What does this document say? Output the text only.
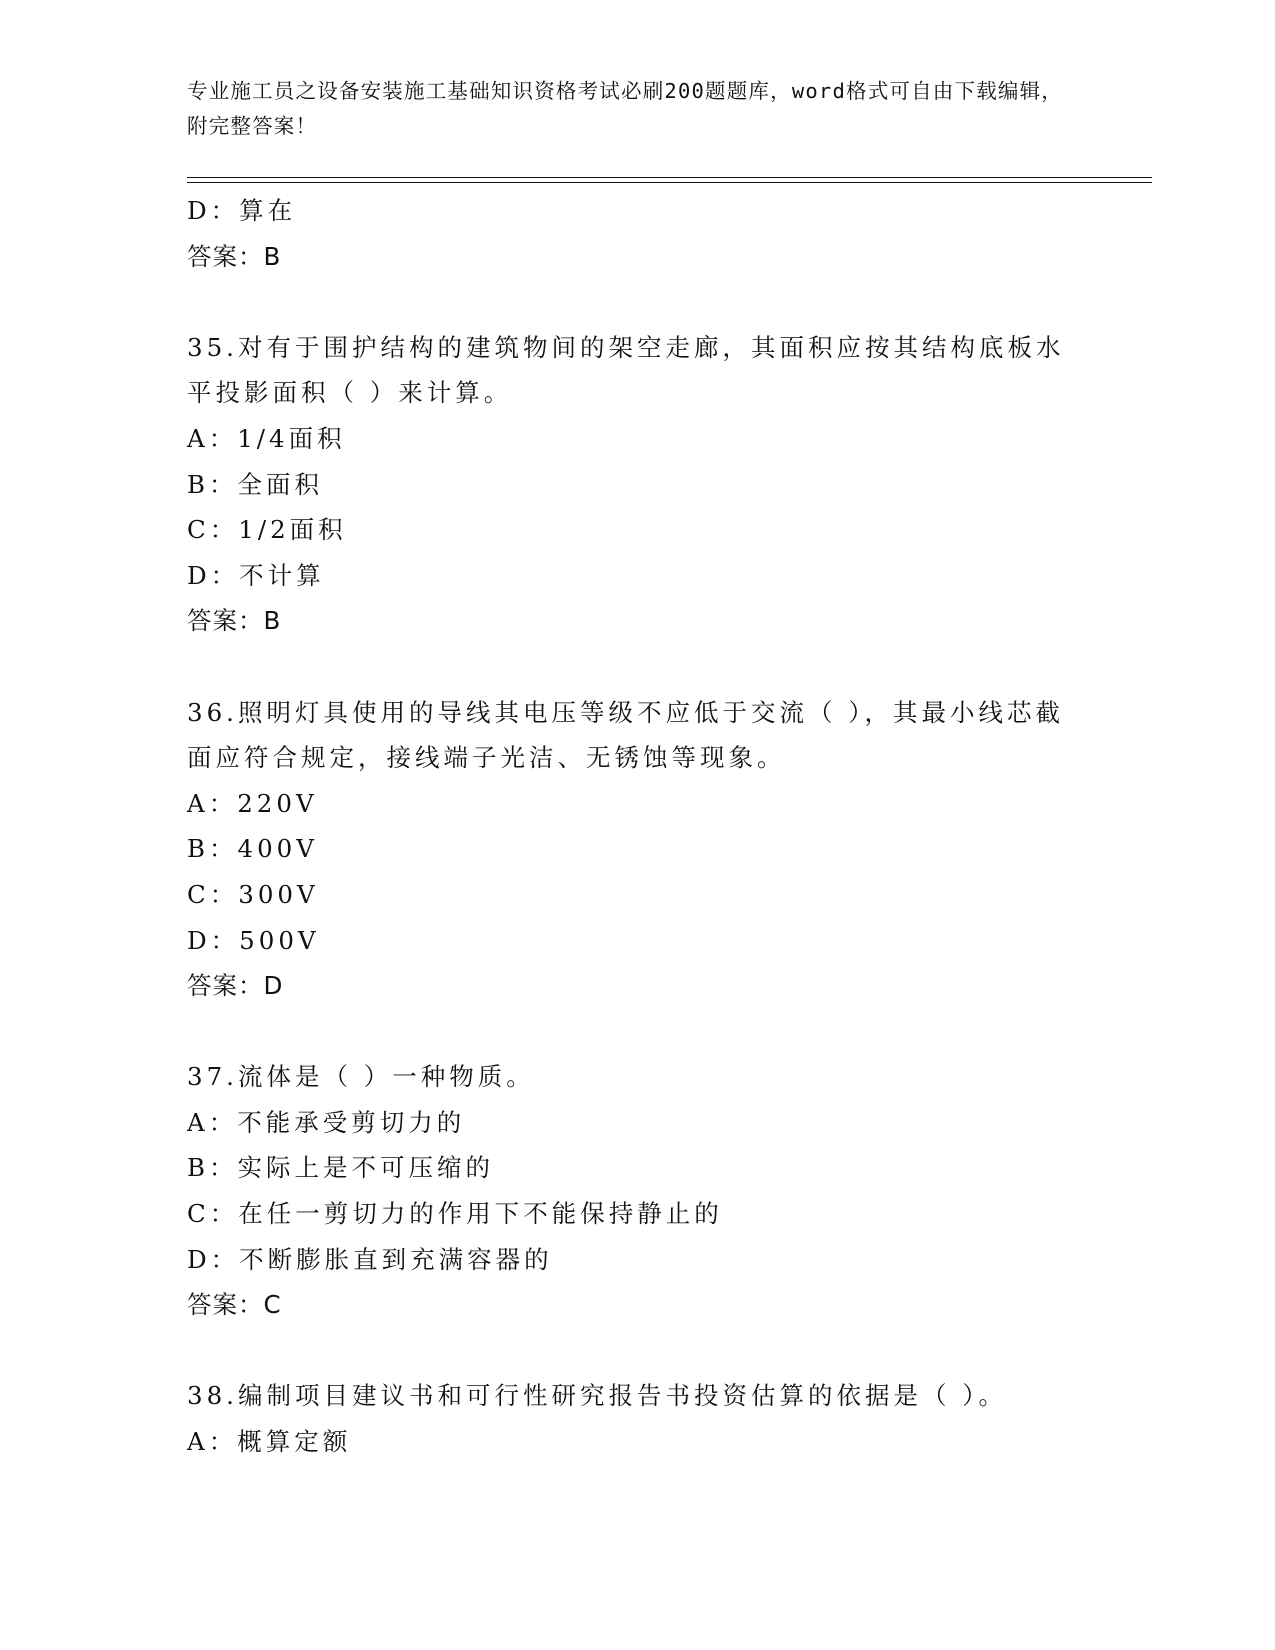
专业施工员之设备安装施工基础知识资格考试必刷200题题库，word格式可自由下载编辑，附完整答案！
D：算在
答案：B
35.对有于围护结构的建筑物间的架空走廊，其面积应按其结构底板水平投影面积（ ）来计算。
A：1/4面积
B：全面积
C：1/2面积
D：不计算
答案：B
36.照明灯具使用的导线其电压等级不应低于交流（ ），其最小线芯截面应符合规定，接线端子光洁、无锈蚀等现象。
A：220V
B：400V
C：300V
D：500V
答案：D
37.流体是（ ）一种物质。
A：不能承受剪切力的
B：实际上是不可压缩的
C：在任一剪切力的作用下不能保持静止的
D：不断膨胀直到充满容器的
答案：C
38.编制项目建议书和可行性研究报告书投资估算的依据是（ ）。
A：概算定额
